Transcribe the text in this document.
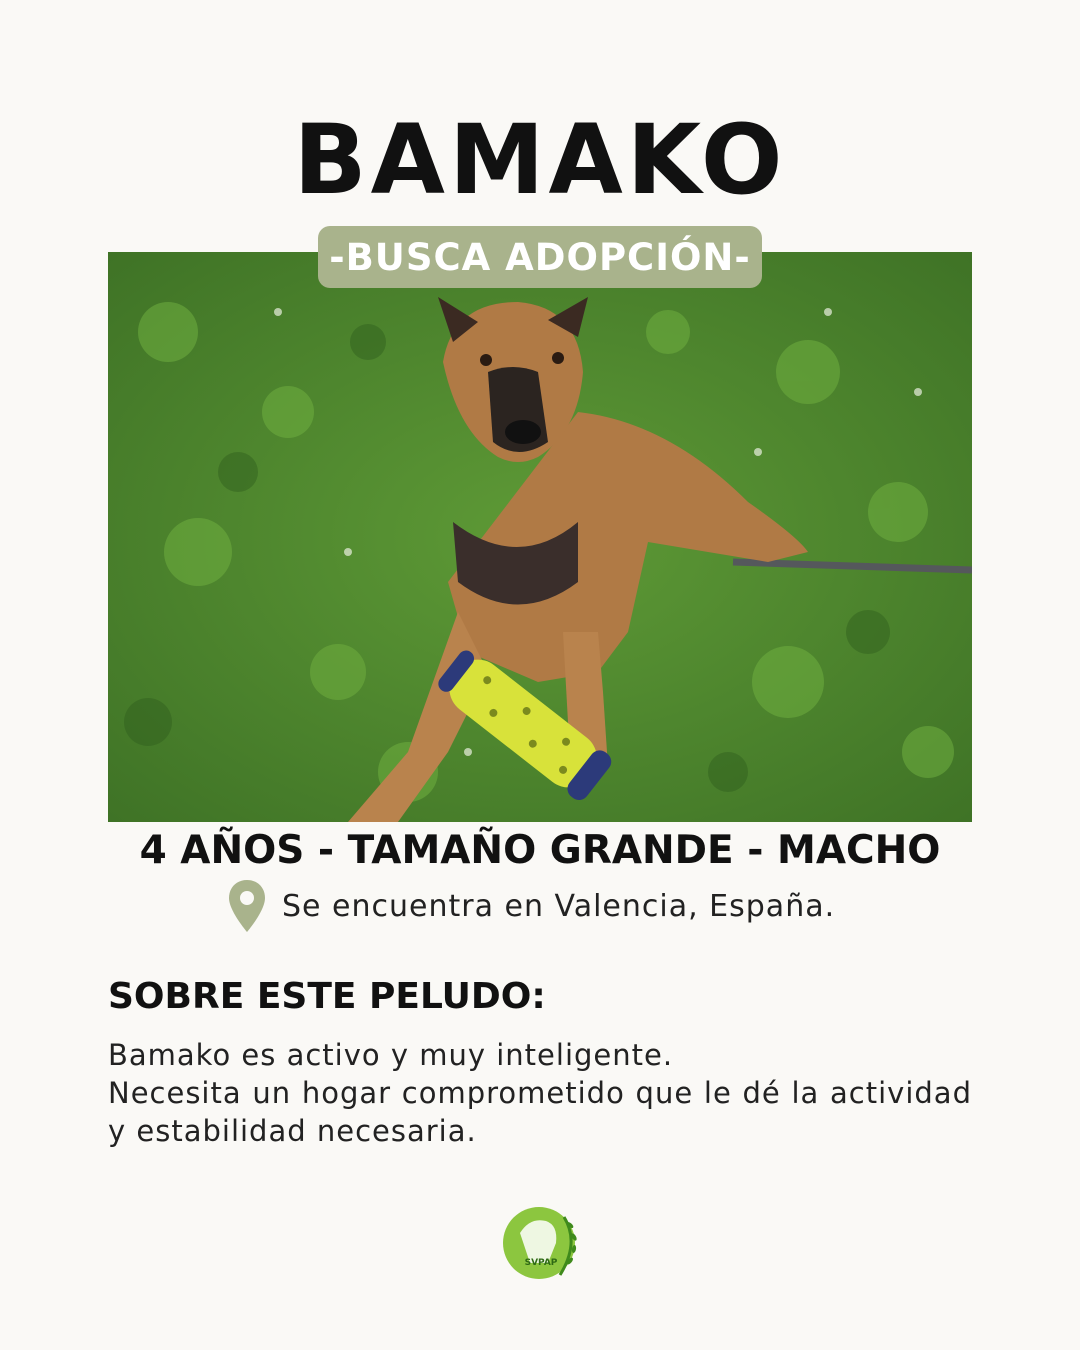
BAMAKO
-BUSCA ADOPCIÓN-
4 AÑOS - TAMAÑO GRANDE - MACHO
Se encuentra en Valencia, España.
SOBRE ESTE PELUDO:

Bamako es activo y muy inteligente.

Necesita un hogar comprometido que le dé la actividad y estabilidad necesaria.

SVPAP
